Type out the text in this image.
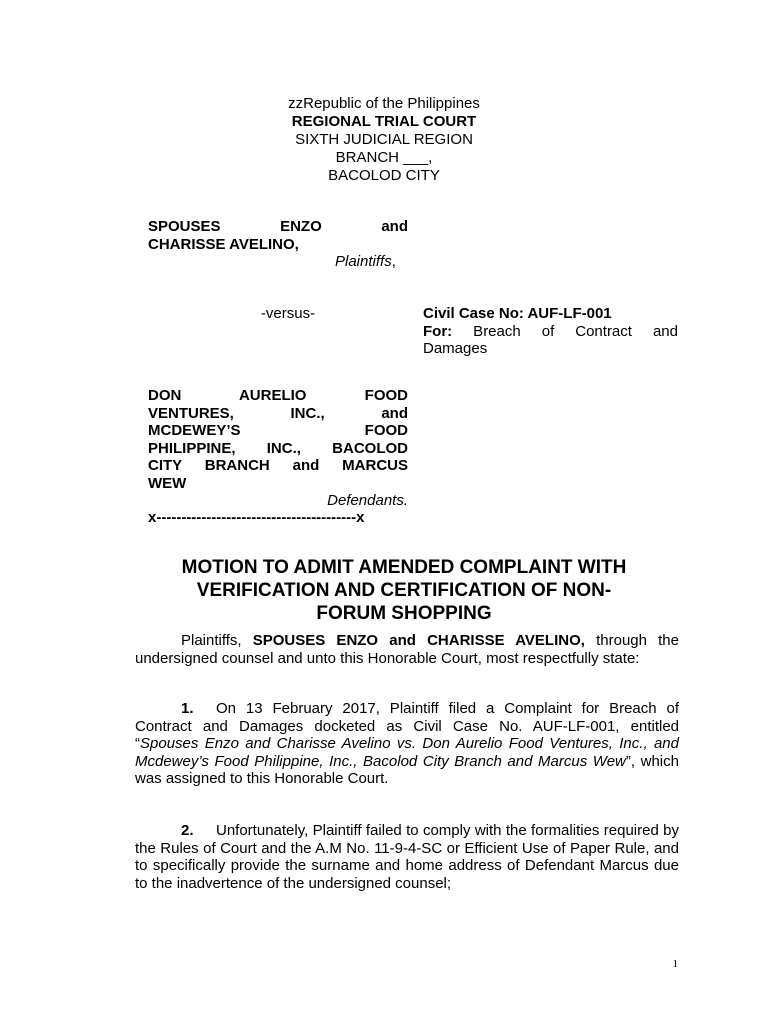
zzRepublic of the Philippines
REGIONAL TRIAL COURT
SIXTH JUDICIAL REGION
BRANCH ___,
BACOLOD CITY
SPOUSES ENZO and
CHARISSE AVELINO,
Plaintiffs,
-versus-	Civil Case No: AUF-LF-001
For: Breach of Contract and
Damages
DON AURELIO FOOD
VENTURES, INC., and
MCDEWEY’S FOOD
PHILIPPINE, INC., BACOLOD
CITY BRANCH and MARCUS
WEW
Defendants.
x----------------------------------------x
MOTION TO ADMIT AMENDED COMPLAINT WITH
VERIFICATION AND CERTIFICATION OF NON-
FORUM SHOPPING
Plaintiffs, SPOUSES ENZO and CHARISSE AVELINO, through the undersigned counsel and unto this Honorable Court, most respectfully state:
1. On 13 February 2017, Plaintiff filed a Complaint for Breach of Contract and Damages docketed as Civil Case No. AUF-LF-001, entitled “Spouses Enzo and Charisse Avelino vs. Don Aurelio Food Ventures, Inc., and Mcdewey’s Food Philippine, Inc., Bacolod City Branch and Marcus Wew”, which was assigned to this Honorable Court.
2. Unfortunately, Plaintiff failed to comply with the formalities required by the Rules of Court and the A.M No. 11-9-4-SC or Efficient Use of Paper Rule, and to specifically provide the surname and home address of Defendant Marcus due to the inadvertence of the undersigned counsel;
1
